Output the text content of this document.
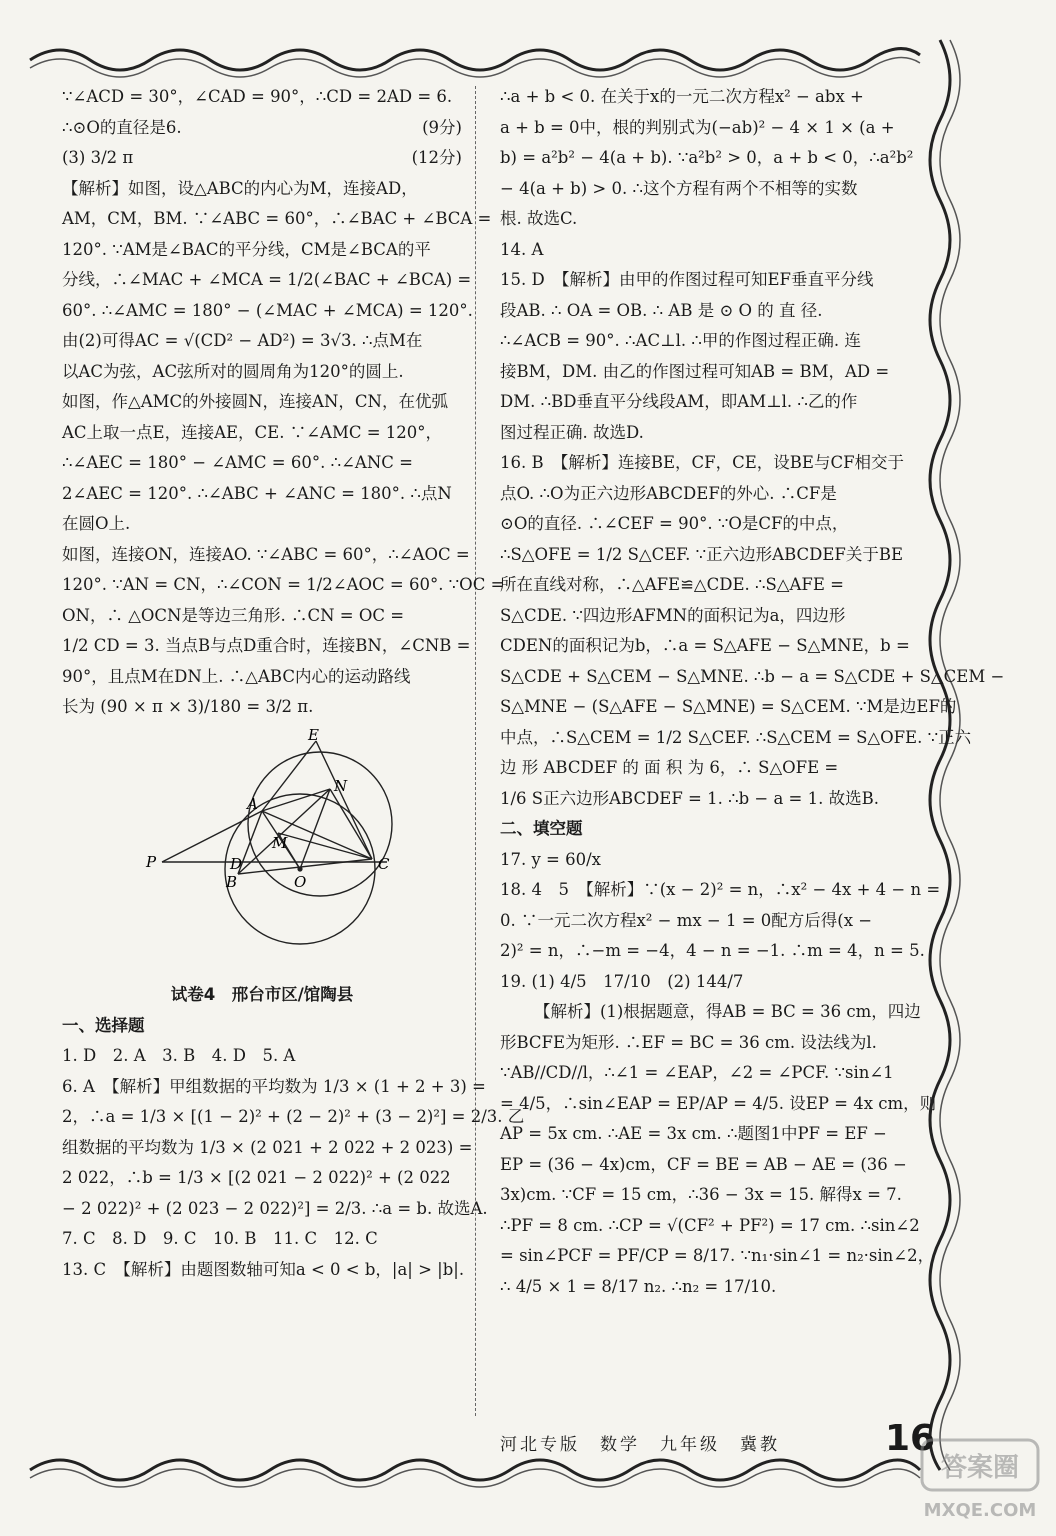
∵∠ACD = 30°，∠CAD = 90°，∴CD = 2AD = 6.
∴⊙O的直径是6.	(9分)
(3) 3/2 π	(12分)
【解析】如图，设△ABC的内心为M，连接AD，
AM，CM，BM. ∵∠ABC = 60°，∴∠BAC + ∠BCA =
120°. ∵AM是∠BAC的平分线，CM是∠BCA的平
分线，∴∠MAC + ∠MCA = 1/2(∠BAC + ∠BCA) =
60°. ∴∠AMC = 180° − (∠MAC + ∠MCA) = 120°.
由(2)可得AC = √(CD² − AD²) = 3√3. ∴点M在
以AC为弦，AC弦所对的圆周角为120°的圆上.
如图，作△AMC的外接圆N，连接AN，CN，在优弧
AC上取一点E，连接AE，CE. ∵∠AMC = 120°，
∴∠AEC = 180° − ∠AMC = 60°. ∴∠ANC =
2∠AEC = 120°. ∴∠ABC + ∠ANC = 180°. ∴点N
在圆O上.
如图，连接ON，连接AO. ∵∠ABC = 60°，∴∠AOC =
120°. ∵AN = CN，∴∠CON = 1/2∠AOC = 60°. ∵OC =
ON，∴ △OCN是等边三角形. ∴CN = OC =
1/2 CD = 3. 当点B与点D重合时，连接BN，∠CNB =
90°，且点M在DN上. ∴△ABC内心的运动路线
长为 (90 × π × 3)/180 = 3/2 π.
E
A
N
M
P	D
B	O
C
试卷4　邢台市区/馆陶县
一、选择题
1. D　2. A　3. B　4. D　5. A
6. A　【解析】甲组数据的平均数为 1/3 × (1 + 2 + 3) =
2，∴a = 1/3 × [(1 − 2)² + (2 − 2)² + (3 − 2)²] = 2/3. 乙
组数据的平均数为 1/3 × (2 021 + 2 022 + 2 023) =
2 022，∴b = 1/3 × [(2 021 − 2 022)² + (2 022
− 2 022)² + (2 023 − 2 022)²] = 2/3. ∴a = b. 故选A.
7. C　8. D　9. C　10. B　11. C　12. C
13. C　【解析】由题图数轴可知a < 0 < b，|a| > |b|.
∴a + b < 0. 在关于x的一元二次方程x² − abx +
a + b = 0中，根的判别式为(−ab)² − 4 × 1 × (a +
b) = a²b² − 4(a + b). ∵a²b² > 0，a + b < 0，∴a²b²
− 4(a + b) > 0. ∴这个方程有两个不相等的实数
根. 故选C.
14. A
15. D　【解析】由甲的作图过程可知EF垂直平分线
段AB. ∴ OA = OB. ∴ AB 是 ⊙ O 的 直 径.
∴∠ACB = 90°. ∴AC⊥l. ∴甲的作图过程正确. 连
接BM，DM. 由乙的作图过程可知AB = BM，AD =
DM. ∴BD垂直平分线段AM，即AM⊥l. ∴乙的作
图过程正确. 故选D.
16. B　【解析】连接BE，CF，CE，设BE与CF相交于
点O. ∴O为正六边形ABCDEF的外心. ∴CF是
⊙O的直径. ∴∠CEF = 90°. ∵O是CF的中点，
∴S△OFE = 1/2 S△CEF. ∵正六边形ABCDEF关于BE
所在直线对称，∴△AFE≌△CDE. ∴S△AFE =
S△CDE. ∵四边形AFMN的面积记为a，四边形
CDEN的面积记为b，∴a = S△AFE − S△MNE，b =
S△CDE + S△CEM − S△MNE. ∴b − a = S△CDE + S△CEM −
S△MNE − (S△AFE − S△MNE) = S△CEM. ∵M是边EF的
中点，∴S△CEM = 1/2 S△CEF. ∴S△CEM = S△OFE. ∵正六
边 形 ABCDEF 的 面 积 为 6，∴ S△OFE =
1/6 S正六边形ABCDEF = 1. ∴b − a = 1. 故选B.
二、填空题
17. y = 60/x
18. 4　5　【解析】∵(x − 2)² = n，∴x² − 4x + 4 − n =
0. ∵一元二次方程x² − mx − 1 = 0配方后得(x −
2)² = n，∴−m = −4，4 − n = −1. ∴m = 4，n = 5.
19. (1) 4/5　17/10　(2) 144/7
【解析】(1)根据题意，得AB = BC = 36 cm，四边
形BCFE为矩形. ∴EF = BC = 36 cm. 设法线为l.
∵AB//CD//l，∴∠1 = ∠EAP，∠2 = ∠PCF. ∵sin∠1
= 4/5，∴sin∠EAP = EP/AP = 4/5. 设EP = 4x cm，则
AP = 5x cm. ∴AE = 3x cm. ∴题图1中PF = EF −
EP = (36 − 4x)cm，CF = BE = AB − AE = (36 −
3x)cm. ∵CF = 15 cm，∴36 − 3x = 15. 解得x = 7.
∴PF = 8 cm. ∴CP = √(CF² + PF²) = 17 cm. ∴sin∠2
= sin∠PCF = PF/CP = 8/17. ∵n₁·sin∠1 = n₂·sin∠2，
∴ 4/5 × 1 = 8/17 n₂. ∴n₂ = 17/10.
河北专版　数学　九年级　冀教	16
答案圈
MXQE.COM
